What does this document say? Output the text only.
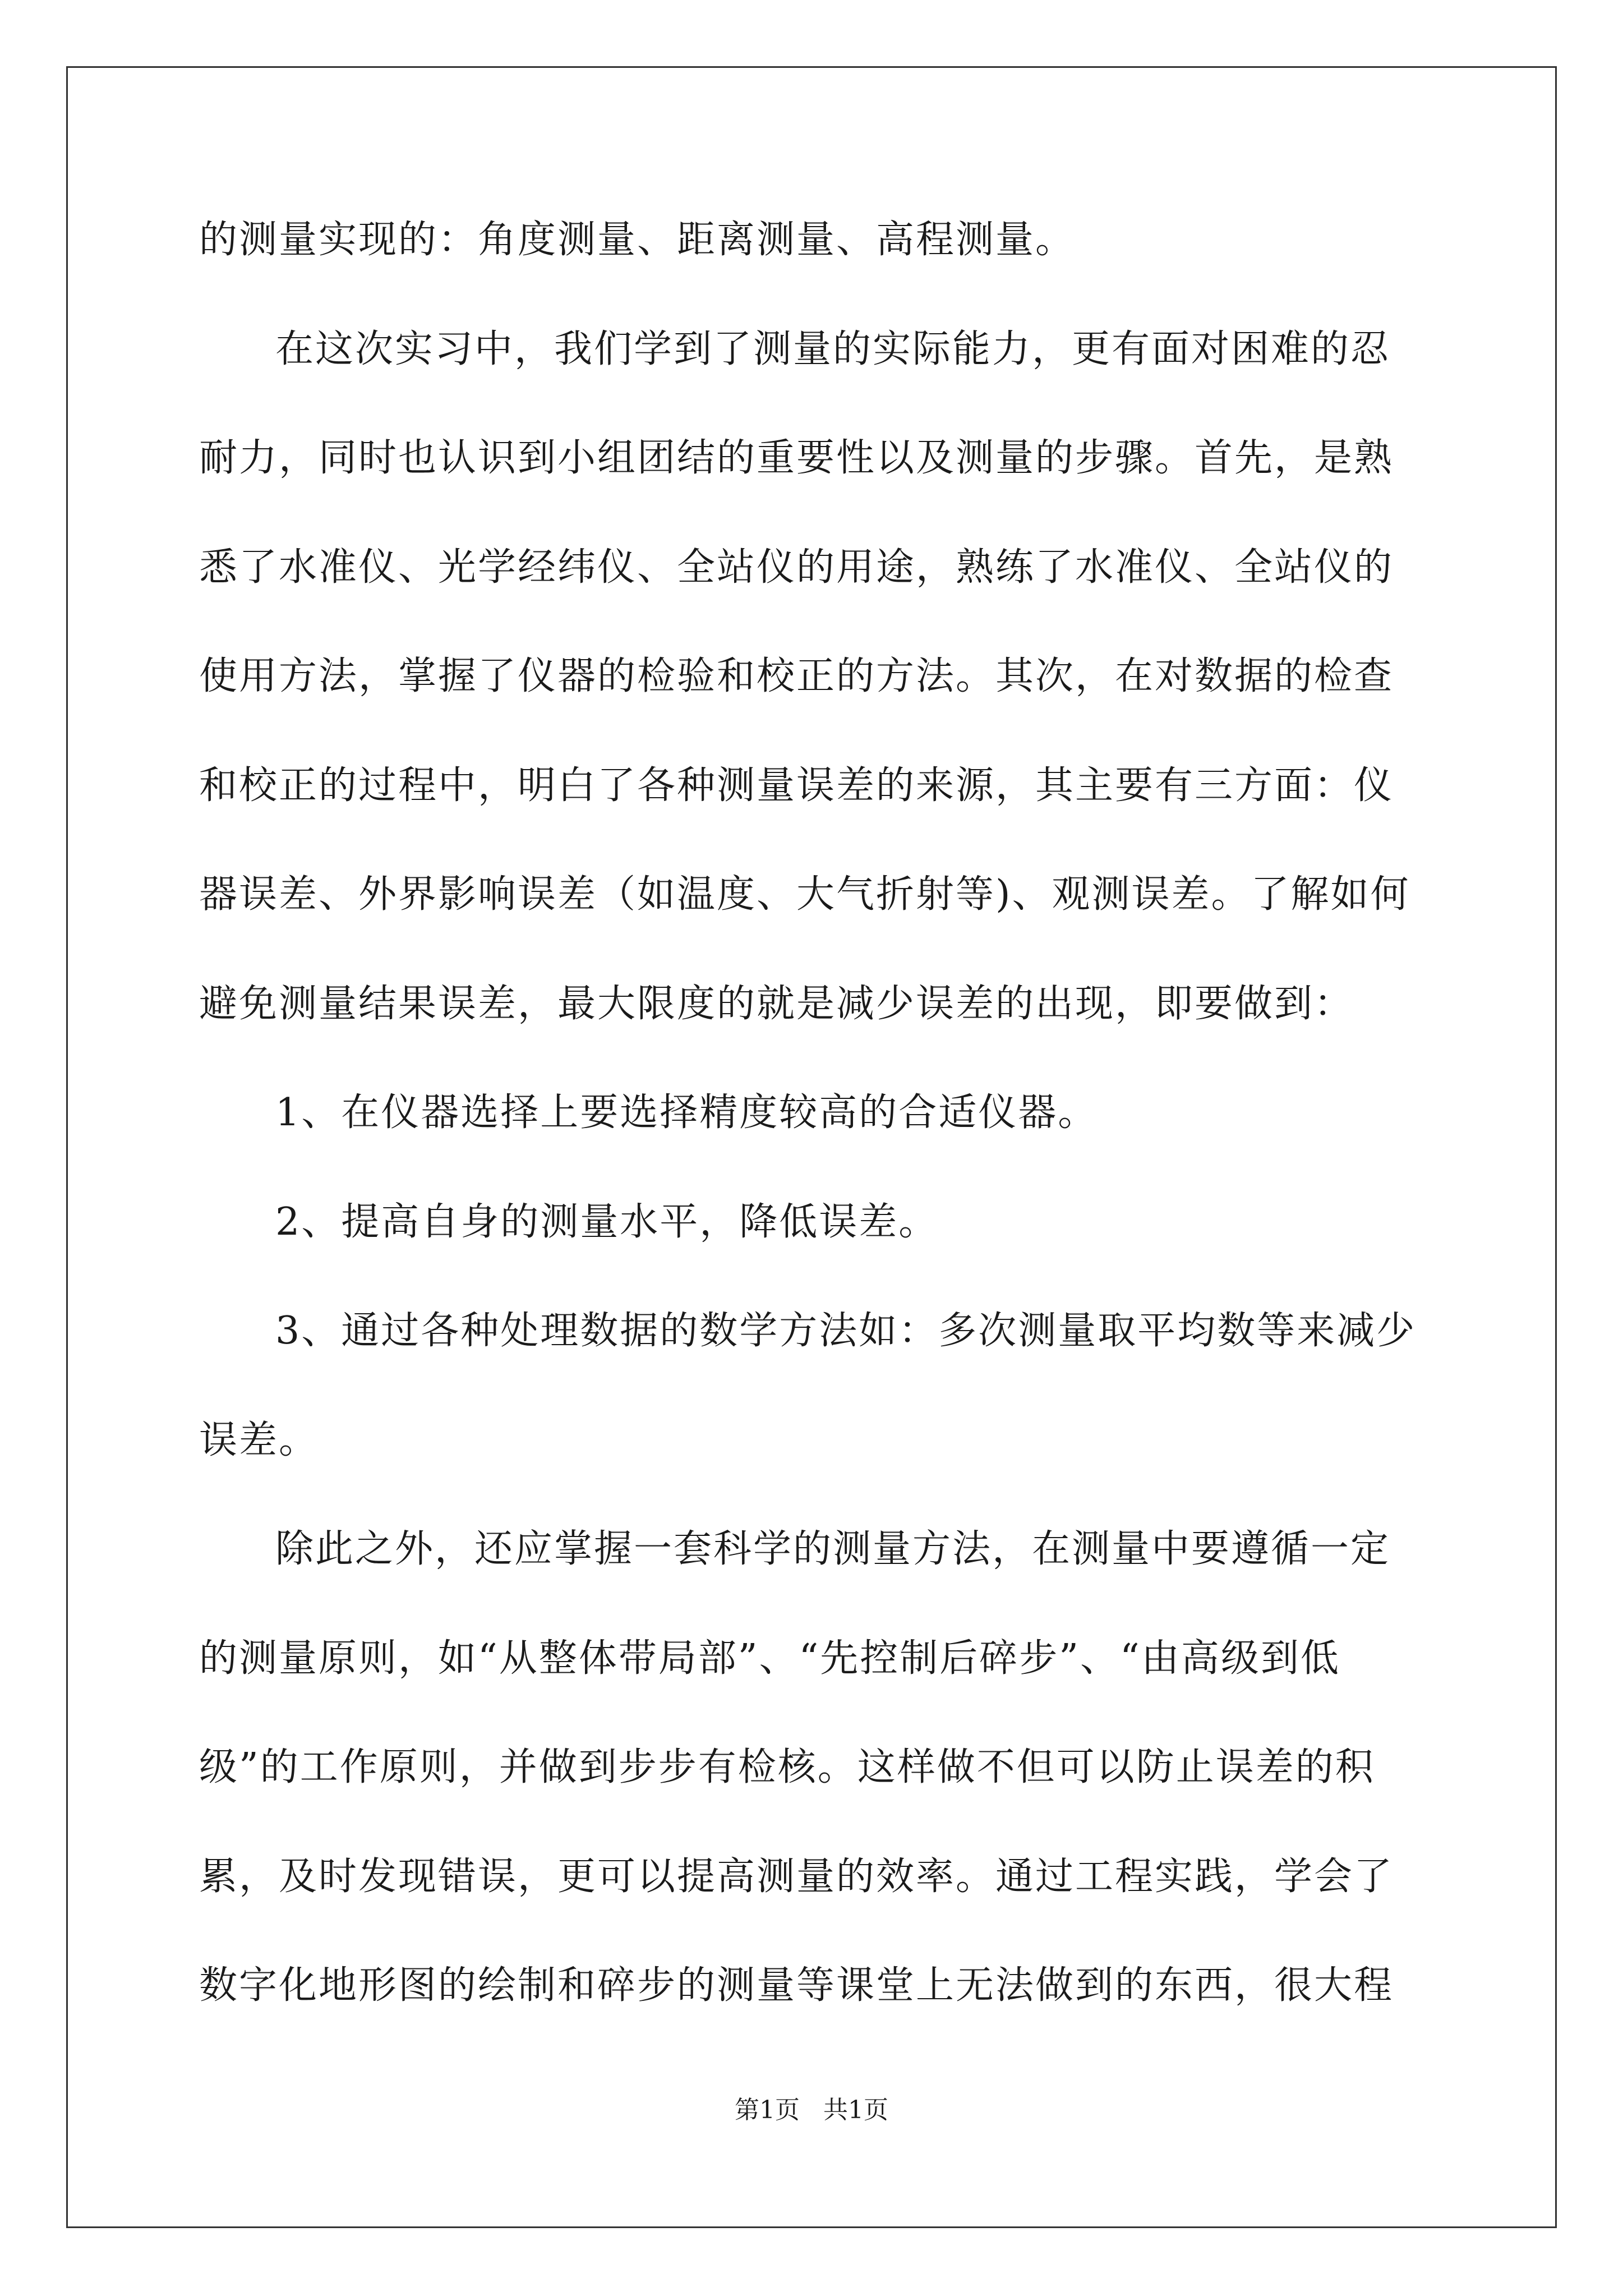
的测量实现的：角度测量、距离测量、高程测量。
在这次实习中，我们学到了测量的实际能力，更有面对困难的忍
耐力，同时也认识到小组团结的重要性以及测量的步骤。首先，是熟
悉了水准仪、光学经纬仪、全站仪的用途，熟练了水准仪、全站仪的
使用方法，掌握了仪器的检验和校正的方法。其次，在对数据的检查
和校正的过程中，明白了各种测量误差的来源，其主要有三方面：仪
器误差、外界影响误差（如温度、大气折射等)、观测误差。了解如何
避免测量结果误差，最大限度的就是减少误差的出现，即要做到：
1、在仪器选择上要选择精度较高的合适仪器。
2、提高自身的测量水平，降低误差。
3、通过各种处理数据的数学方法如：多次测量取平均数等来减少
误差。
除此之外，还应掌握一套科学的测量方法，在测量中要遵循一定
的测量原则，如“从整体带局部”、“先控制后碎步”、“由高级到低
级”的工作原则，并做到步步有检核。这样做不但可以防止误差的积
累，及时发现错误，更可以提高测量的效率。通过工程实践，学会了
数字化地形图的绘制和碎步的测量等课堂上无法做到的东西，很大程
第1页   共1页
